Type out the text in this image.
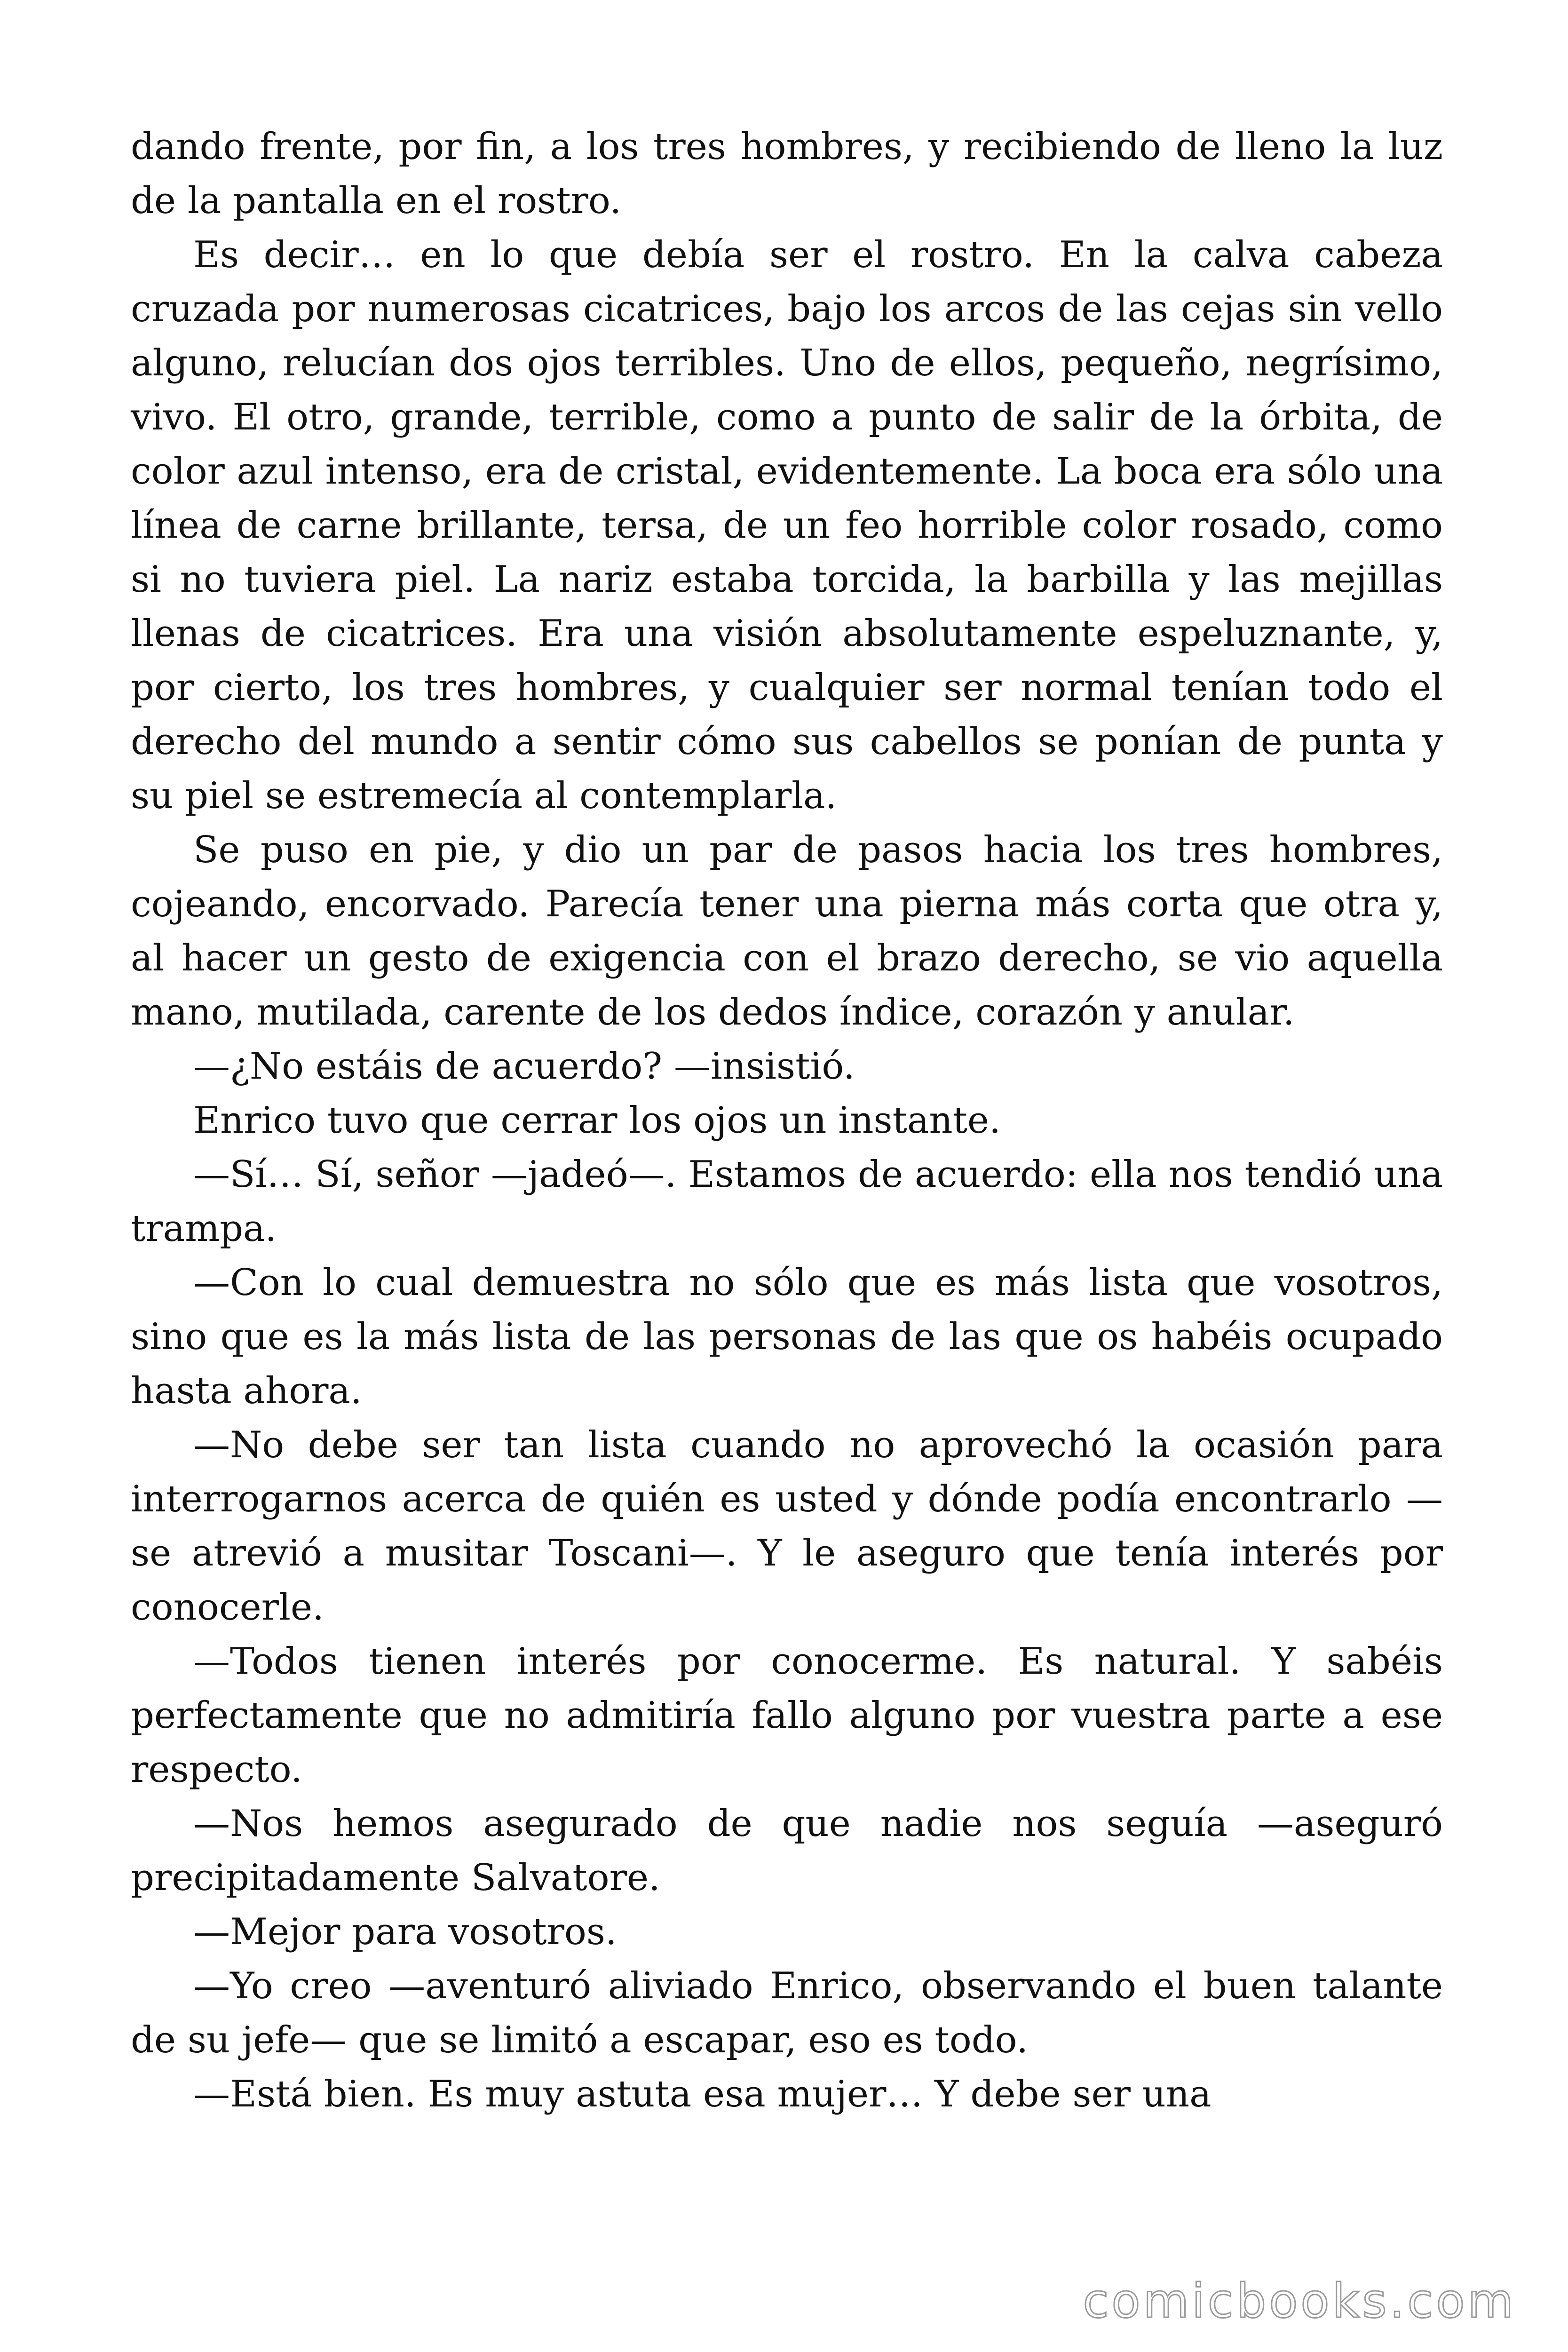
dando frente, por fin, a los tres hombres, y recibiendo de lleno la luz de la pantalla en el rostro.

Es decir… en lo que debía ser el rostro. En la calva cabeza cruzada por numerosas cicatrices, bajo los arcos de las cejas sin vello alguno, relucían dos ojos terribles. Uno de ellos, pequeño, negrísimo, vivo. El otro, grande, terrible, como a punto de salir de la órbita, de color azul intenso, era de cristal, evidentemente. La boca era sólo una línea de carne brillante, tersa, de un feo horrible color rosado, como si no tuviera piel. La nariz estaba torcida, la barbilla y las mejillas llenas de cicatrices. Era una visión absolutamente espeluznante, y, por cierto, los tres hombres, y cualquier ser normal tenían todo el derecho del mundo a sentir cómo sus cabellos se ponían de punta y su piel se estremecía al contemplarla.

Se puso en pie, y dio un par de pasos hacia los tres hombres, cojeando, encorvado. Parecía tener una pierna más corta que otra y, al hacer un gesto de exigencia con el brazo derecho, se vio aquella mano, mutilada, carente de los dedos índice, corazón y anular.

—¿No estáis de acuerdo? —insistió.

Enrico tuvo que cerrar los ojos un instante.

—Sí… Sí, señor —jadeó—. Estamos de acuerdo: ella nos tendió una trampa.

—Con lo cual demuestra no sólo que es más lista que vosotros, sino que es la más lista de las personas de las que os habéis ocupado hasta ahora.

—No debe ser tan lista cuando no aprovechó la ocasión para interrogarnos acerca de quién es usted y dónde podía encontrarlo — se atrevió a musitar Toscani—. Y le aseguro que tenía interés por conocerle.

—Todos tienen interés por conocerme. Es natural. Y sabéis perfectamente que no admitiría fallo alguno por vuestra parte a ese respecto.

—Nos hemos asegurado de que nadie nos seguía —aseguró precipitadamente Salvatore.

—Mejor para vosotros.

—Yo creo —aventuró aliviado Enrico, observando el buen talante de su jefe— que se limitó a escapar, eso es todo.

—Está bien. Es muy astuta esa mujer… Y debe ser una

comicbooks.com
